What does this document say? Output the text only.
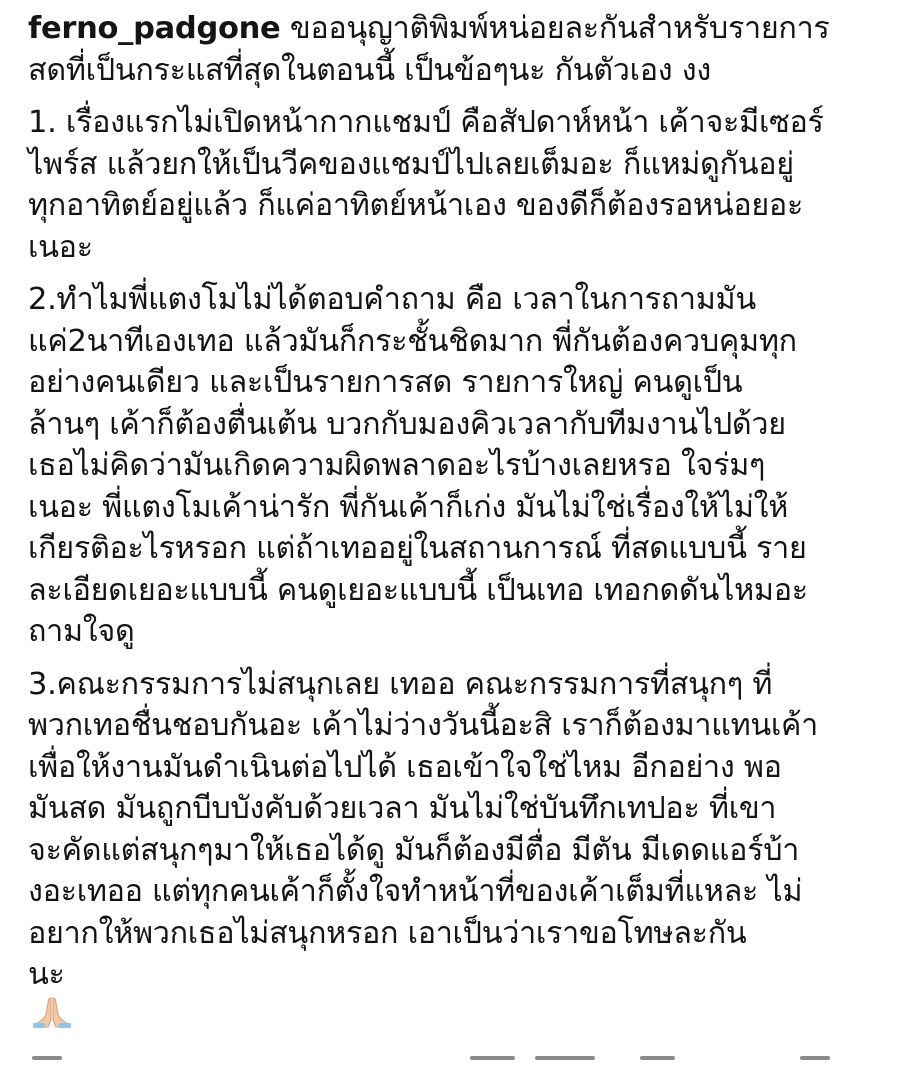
ferno_padgone ขออนุญาติพิมพ์หน่อยละกันสำหรับรายการ
สดที่เป็นกระแสที่สุดในตอนนี้ เป็นข้อๆนะ กันตัวเอง งง

1. เรื่องแรกไม่เปิดหน้ากากแชมป์ คือสัปดาห์หน้า เค้าจะมีเซอร์
ไพร์ส แล้วยกให้เป็นวีคของแชมป์ไปเลยเต็มอะ ก็แหม่ดูกันอยู่
ทุกอาทิตย์อยู่แล้ว ก็แค่อาทิตย์หน้าเอง ของดีก็ต้องรอหน่อยอะ
เนอะ

2.ทำไมพี่แตงโมไม่ได้ตอบคำถาม คือ เวลาในการถามมัน
แค่2นาทีเองเทอ แล้วมันก็กระชั้นชิดมาก พี่กันต้องควบคุมทุก
อย่างคนเดียว และเป็นรายการสด รายการใหญ่ คนดูเป็น
ล้านๆ เค้าก็ต้องตื่นเต้น บวกกับมองคิวเวลากับทีมงานไปด้วย
เธอไม่คิดว่ามันเกิดความผิดพลาดอะไรบ้างเลยหรอ ใจร่มๆ
เนอะ พี่แตงโมเค้าน่ารัก พี่กันเค้าก็เก่ง มันไม่ใช่เรื่องให้ไม่ให้
เกียรติอะไรหรอก แต่ถ้าเทออยู่ในสถานการณ์ ที่สดแบบนี้ ราย
ละเอียดเยอะแบบนี้ คนดูเยอะแบบนี้ เป็นเทอ เทอกดดันไหมอะ
ถามใจดู

3.คณะกรรมการไม่สนุกเลย เทออ คณะกรรมการที่สนุกๆ ที่
พวกเทอชื่นชอบกันอะ เค้าไม่ว่างวันนี้อะสิ เราก็ต้องมาแทนเค้า
เพื่อให้งานมันดำเนินต่อไปได้ เธอเข้าใจใช่ไหม อีกอย่าง พอ
มันสด มันถูกบีบบังคับด้วยเวลา มันไม่ใช่บันทึกเทปอะ ที่เขา
จะคัดแต่สนุกๆมาให้เธอได้ดู มันก็ต้องมีตื่อ มีตัน มีเดดแอร์บ้า
งอะเทออ แต่ทุกคนเค้าก็ตั้งใจทำหน้าที่ของเค้าเต็มที่แหละ ไม่
อยากให้พวกเธอไม่สนุกหรอก เอาเป็นว่าเราขอโทษละกัน
นะ
